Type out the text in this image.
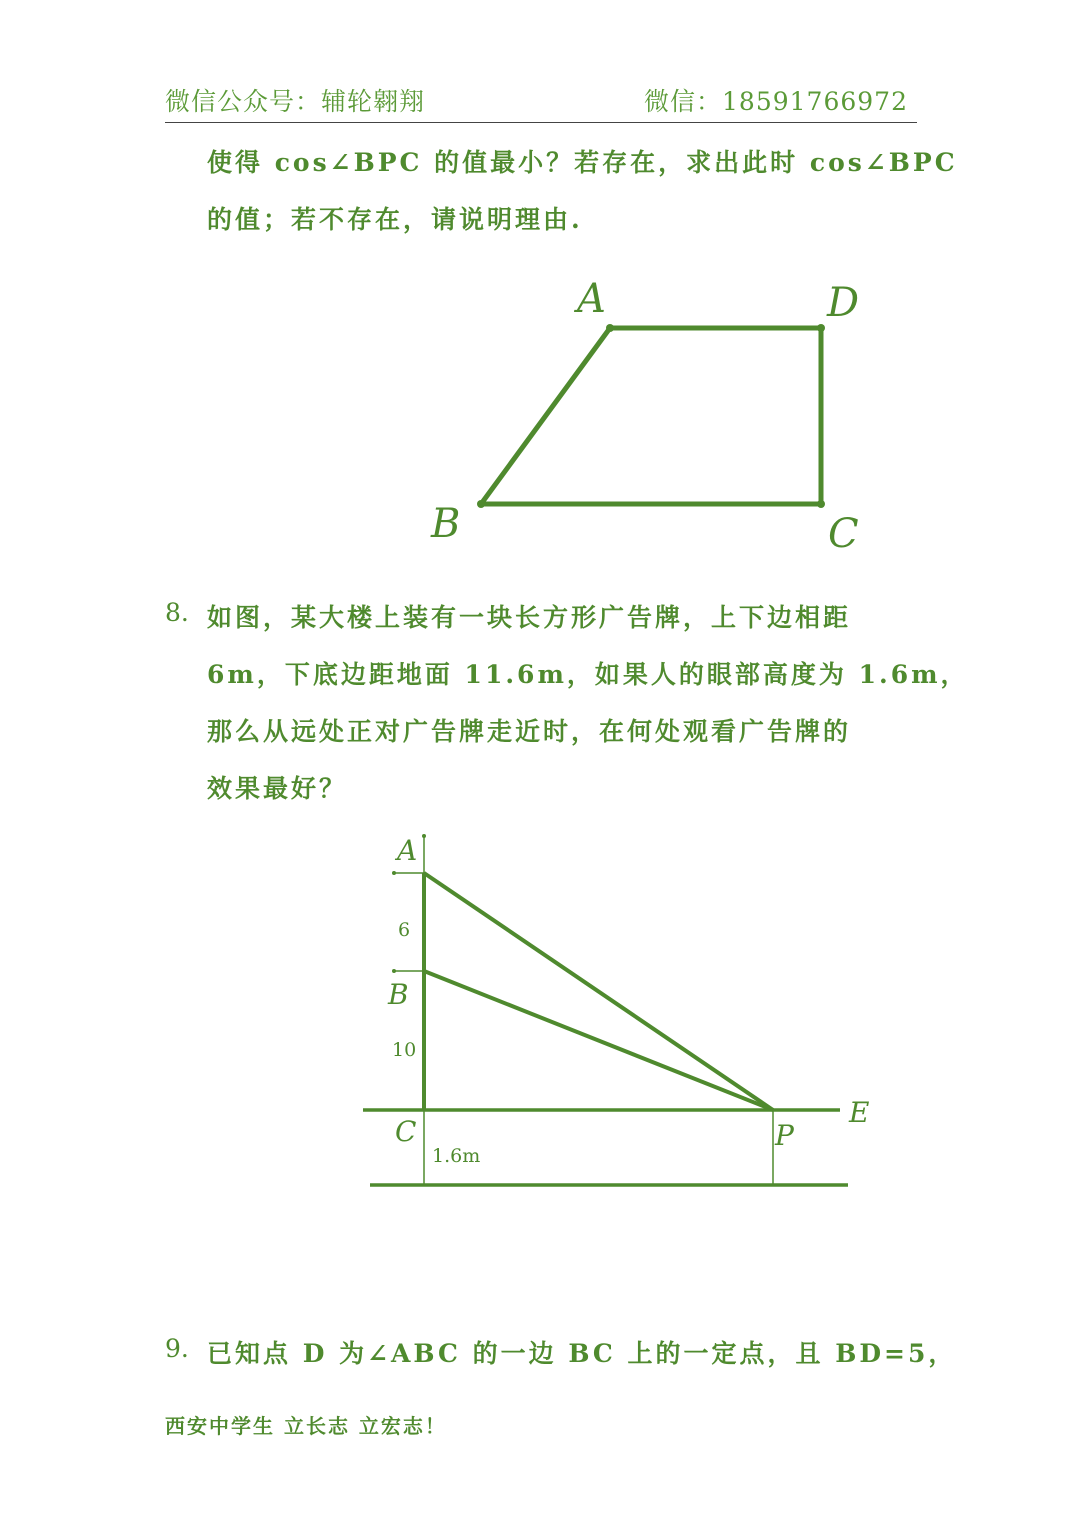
微信公众号：辅轮翱翔	微信：18591766972
使得 cos∠BPC 的值最小？若存在，求出此时 cos∠BPC
的值；若不存在，请说明理由.
A	D
B	C
8. 如图，某大楼上装有一块长方形广告牌，上下边相距
6m，下底边距地面 11.6m，如果人的眼部高度为 1.6m，
那么从远处正对广告牌走近时，在何处观看广告牌的
效果最好？
A
B
C	P
E
6
10
1.6m
9. 已知点 D 为∠ABC 的一边 BC 上的一定点，且 BD=5，
西安中学生 立长志 立宏志！
